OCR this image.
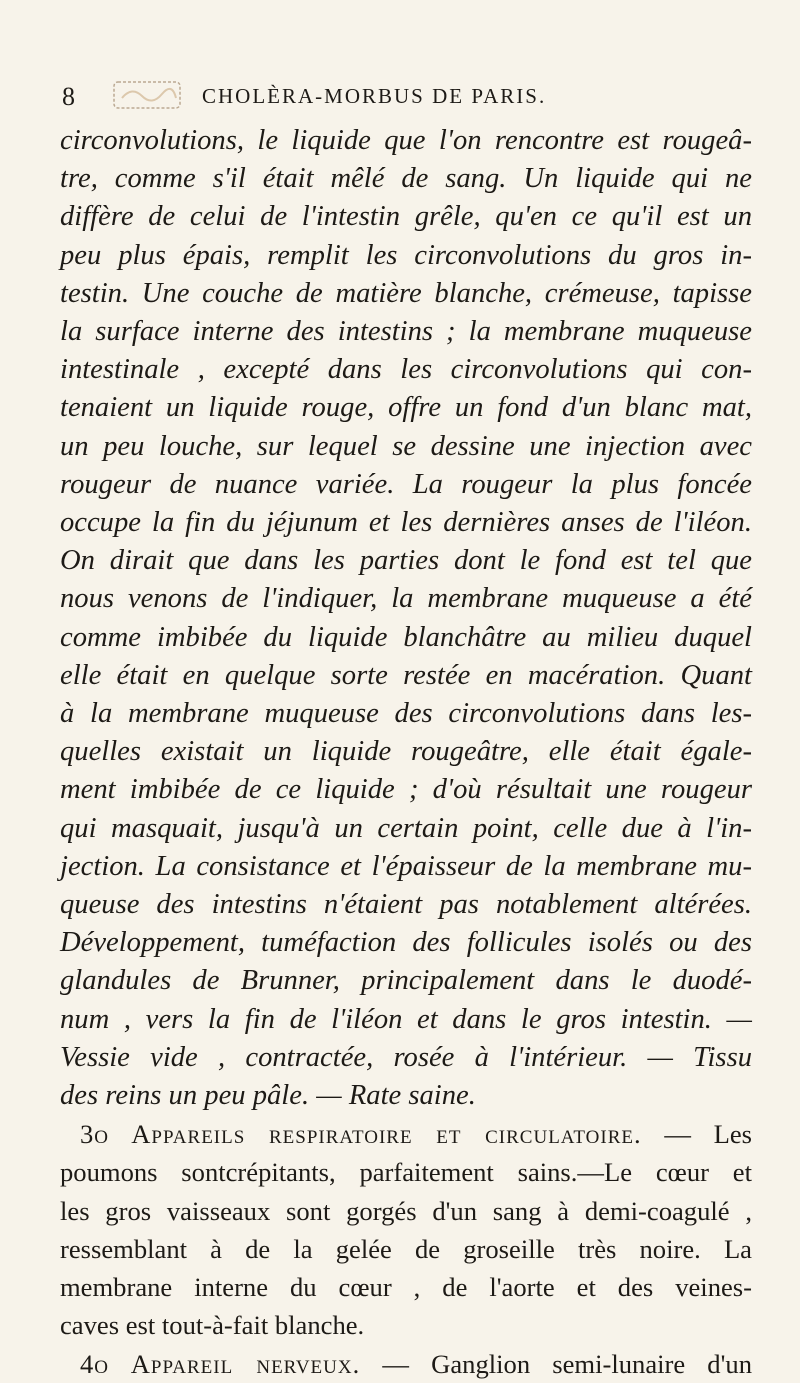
8	CHOLÈRA-MORBUS DE PARIS.
circonvolutions, le liquide que l'on rencontre est rougeâ-
tre, comme s'il était mêlé de sang. Un liquide qui ne
diffère de celui de l'intestin grêle, qu'en ce qu'il est un
peu plus épais, remplit les circonvolutions du gros in-
testin. Une couche de matière blanche, crémeuse, tapisse
la surface interne des intestins ; la membrane muqueuse
intestinale , excepté dans les circonvolutions qui con-
tenaient un liquide rouge, offre un fond d'un blanc mat,
un peu louche, sur lequel se dessine une injection avec
rougeur de nuance variée. La rougeur la plus foncée
occupe la fin du jéjunum et les dernières anses de l'iléon.
On dirait que dans les parties dont le fond est tel que
nous venons de l'indiquer, la membrane muqueuse a été
comme imbibée du liquide blanchâtre au milieu duquel
elle était en quelque sorte restée en macération. Quant
à la membrane muqueuse des circonvolutions dans les-
quelles existait un liquide rougeâtre, elle était égale-
ment imbibée de ce liquide ; d'où résultait une rougeur
qui masquait, jusqu'à un certain point, celle due à l'in-
jection. La consistance et l'épaisseur de la membrane mu-
queuse des intestins n'étaient pas notablement altérées.
Développement, tuméfaction des follicules isolés ou des
glandules de Brunner, principalement dans le duodé-
num , vers la fin de l'iléon et dans le gros intestin. —
Vessie vide , contractée, rosée à l'intérieur. — Tissu
des reins un peu pâle. — Rate saine.
3o Appareils respiratoire et circulatoire. — Les
poumons sontcrépitants, parfaitement sains.—Le cœur et
les gros vaisseaux sont gorgés d'un sang à demi-coagulé ,
ressemblant à de la gelée de groseille très noire. La
membrane interne du cœur , de l'aorte et des veines-
caves est tout-à-fait blanche.
4o Appareil nerveux. — Ganglion semi-lunaire d'un
